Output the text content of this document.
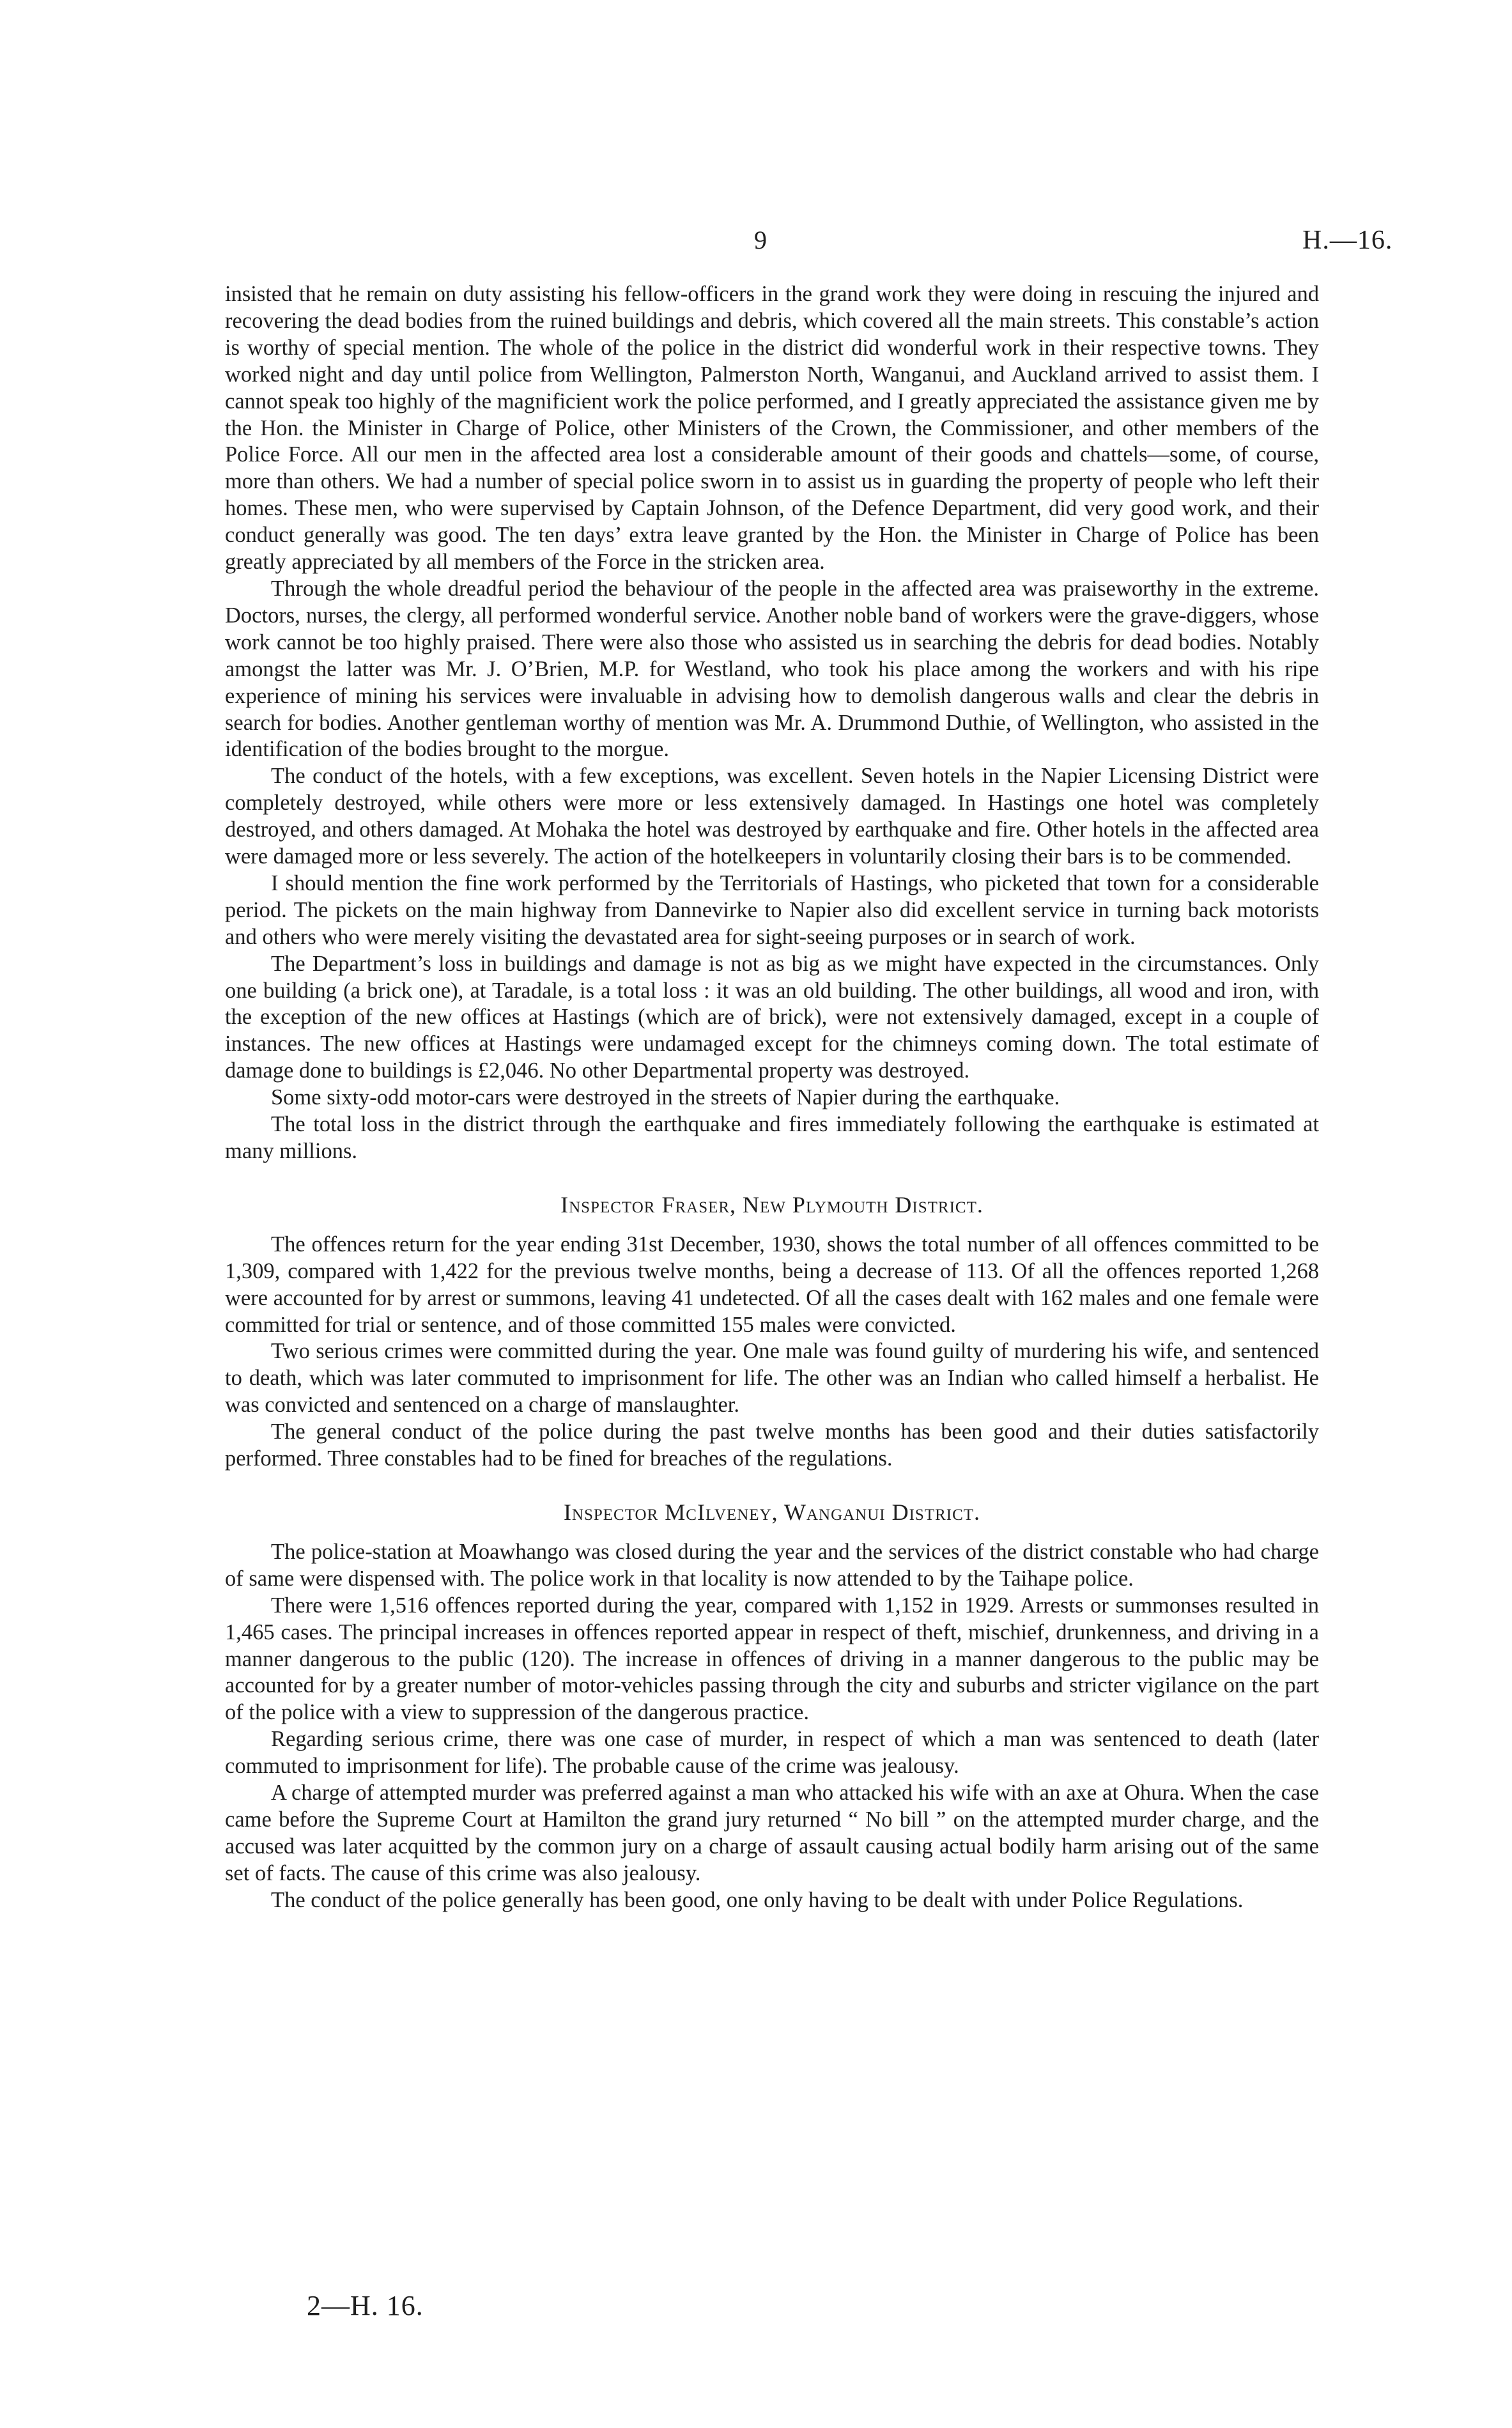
9	H.—16.

insisted that he remain on duty assisting his fellow-officers in the grand work they were doing in rescuing the injured and recovering the dead bodies from the ruined buildings and debris, which covered all the main streets. This constable’s action is worthy of special mention. The whole of the police in the district did wonderful work in their respective towns. They worked night and day until police from Wellington, Palmerston North, Wanganui, and Auckland arrived to assist them. I cannot speak too highly of the magnificient work the police performed, and I greatly appreciated the assistance given me by the Hon. the Minister in Charge of Police, other Ministers of the Crown, the Commissioner, and other members of the Police Force. All our men in the affected area lost a considerable amount of their goods and chattels—some, of course, more than others. We had a number of special police sworn in to assist us in guarding the property of people who left their homes. These men, who were supervised by Captain Johnson, of the Defence Department, did very good work, and their conduct generally was good. The ten days’ extra leave granted by the Hon. the Minister in Charge of Police has been greatly appreciated by all members of the Force in the stricken area.

Through the whole dreadful period the behaviour of the people in the affected area was praiseworthy in the extreme. Doctors, nurses, the clergy, all performed wonderful service. Another noble band of workers were the grave-diggers, whose work cannot be too highly praised. There were also those who assisted us in searching the debris for dead bodies. Notably amongst the latter was Mr. J. O’Brien, M.P. for Westland, who took his place among the workers and with his ripe experience of mining his services were invaluable in advising how to demolish dangerous walls and clear the debris in search for bodies. Another gentleman worthy of mention was Mr. A. Drummond Duthie, of Wellington, who assisted in the identification of the bodies brought to the morgue.

The conduct of the hotels, with a few exceptions, was excellent. Seven hotels in the Napier Licensing District were completely destroyed, while others were more or less extensively damaged. In Hastings one hotel was completely destroyed, and others damaged. At Mohaka the hotel was destroyed by earthquake and fire. Other hotels in the affected area were damaged more or less severely. The action of the hotelkeepers in voluntarily closing their bars is to be commended.

I should mention the fine work performed by the Territorials of Hastings, who picketed that town for a considerable period. The pickets on the main highway from Dannevirke to Napier also did excellent service in turning back motorists and others who were merely visiting the devastated area for sight-seeing purposes or in search of work.

The Department’s loss in buildings and damage is not as big as we might have expected in the circumstances. Only one building (a brick one), at Taradale, is a total loss : it was an old building. The other buildings, all wood and iron, with the exception of the new offices at Hastings (which are of brick), were not extensively damaged, except in a couple of instances. The new offices at Hastings were undamaged except for the chimneys coming down. The total estimate of damage done to buildings is £2,046. No other Departmental property was destroyed.

Some sixty-odd motor-cars were destroyed in the streets of Napier during the earthquake.

The total loss in the district through the earthquake and fires immediately following the earthquake is estimated at many millions.

Inspector Fraser, New Plymouth District.

The offences return for the year ending 31st December, 1930, shows the total number of all offences committed to be 1,309, compared with 1,422 for the previous twelve months, being a decrease of 113. Of all the offences reported 1,268 were accounted for by arrest or summons, leaving 41 undetected. Of all the cases dealt with 162 males and one female were committed for trial or sentence, and of those committed 155 males were convicted.

Two serious crimes were committed during the year. One male was found guilty of murdering his wife, and sentenced to death, which was later commuted to imprisonment for life. The other was an Indian who called himself a herbalist. He was convicted and sentenced on a charge of manslaughter.

The general conduct of the police during the past twelve months has been good and their duties satisfactorily performed. Three constables had to be fined for breaches of the regulations.

Inspector McIlveney, Wanganui District.

The police-station at Moawhango was closed during the year and the services of the district constable who had charge of same were dispensed with. The police work in that locality is now attended to by the Taihape police.

There were 1,516 offences reported during the year, compared with 1,152 in 1929. Arrests or summonses resulted in 1,465 cases. The principal increases in offences reported appear in respect of theft, mischief, drunkenness, and driving in a manner dangerous to the public (120). The increase in offences of driving in a manner dangerous to the public may be accounted for by a greater number of motor-vehicles passing through the city and suburbs and stricter vigilance on the part of the police with a view to suppression of the dangerous practice.

Regarding serious crime, there was one case of murder, in respect of which a man was sentenced to death (later commuted to imprisonment for life). The probable cause of the crime was jealousy.

A charge of attempted murder was preferred against a man who attacked his wife with an axe at Ohura. When the case came before the Supreme Court at Hamilton the grand jury returned “ No bill ” on the attempted murder charge, and the accused was later acquitted by the common jury on a charge of assault causing actual bodily harm arising out of the same set of facts. The cause of this crime was also jealousy.

The conduct of the police generally has been good, one only having to be dealt with under Police Regulations.

2—H. 16.
